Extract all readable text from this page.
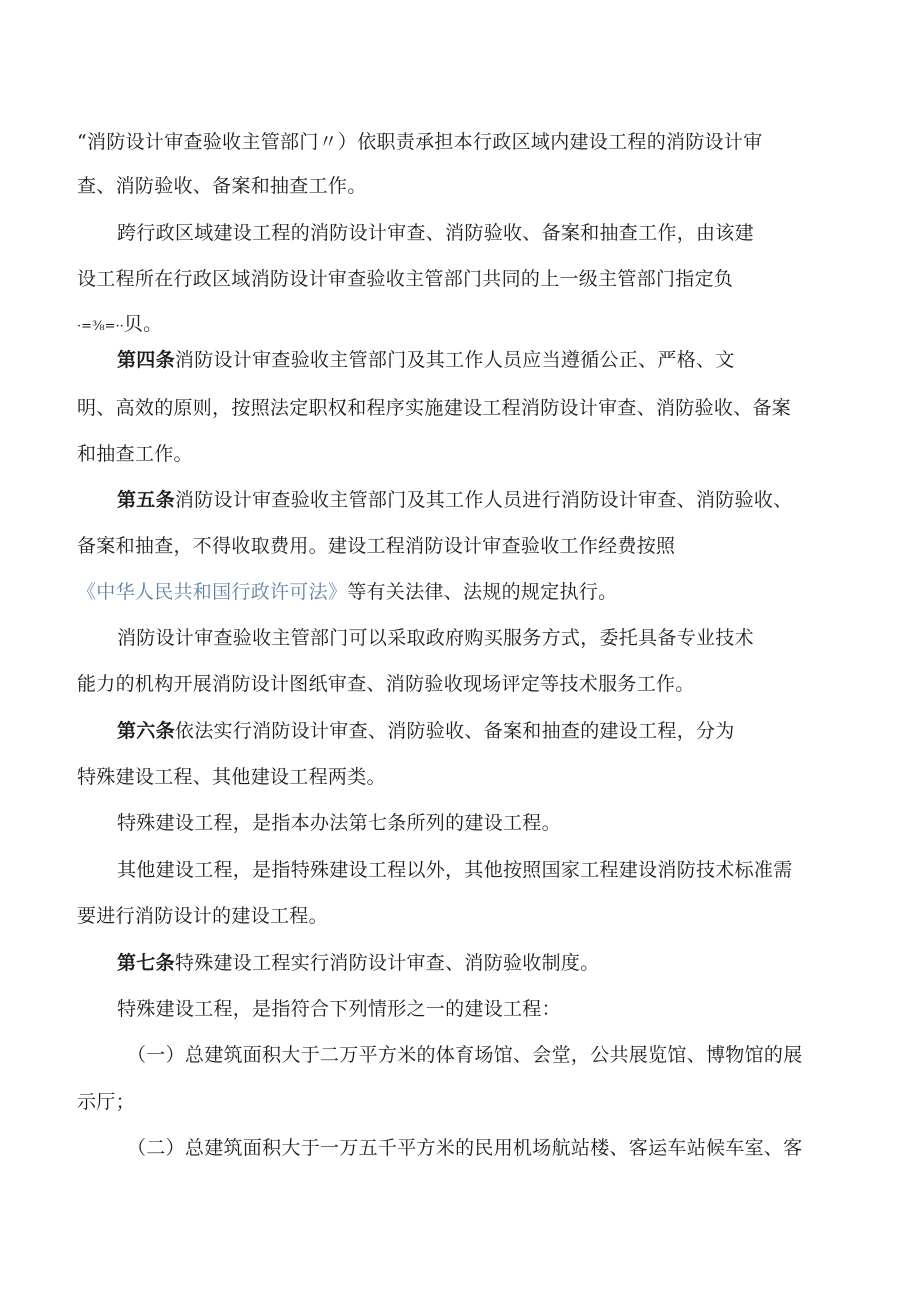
“消防设计审查验收主管部门〃）依职责承担本行政区域内建设工程的消防设计审
查、消防验收、备案和抽查工作。
跨行政区域建设工程的消防设计审查、消防验收、备案和抽查工作，由该建
设工程所在行政区域消防设计审查验收主管部门共同的上一级主管部门指定负
·=⅜=··贝。
第四条消防设计审查验收主管部门及其工作人员应当遵循公正、严格、文
明、高效的原则，按照法定职权和程序实施建设工程消防设计审查、消防验收、备案
和抽查工作。
第五条消防设计审查验收主管部门及其工作人员进行消防设计审查、消防验收、
备案和抽查，不得收取费用。建设工程消防设计审查验收工作经费按照
《中华人民共和国行政许可法》等有关法律、法规的规定执行。
消防设计审查验收主管部门可以采取政府购买服务方式，委托具备专业技术
能力的机构开展消防设计图纸审查、消防验收现场评定等技术服务工作。
第六条依法实行消防设计审查、消防验收、备案和抽查的建设工程，分为
特殊建设工程、其他建设工程两类。
特殊建设工程，是指本办法第七条所列的建设工程。
其他建设工程，是指特殊建设工程以外，其他按照国家工程建设消防技术标准需
要进行消防设计的建设工程。
第七条特殊建设工程实行消防设计审查、消防验收制度。
特殊建设工程，是指符合下列情形之一的建设工程：
（一）总建筑面积大于二万平方米的体育场馆、会堂，公共展览馆、博物馆的展
示厅；
（二）总建筑面积大于一万五千平方米的民用机场航站楼、客运车站候车室、客
